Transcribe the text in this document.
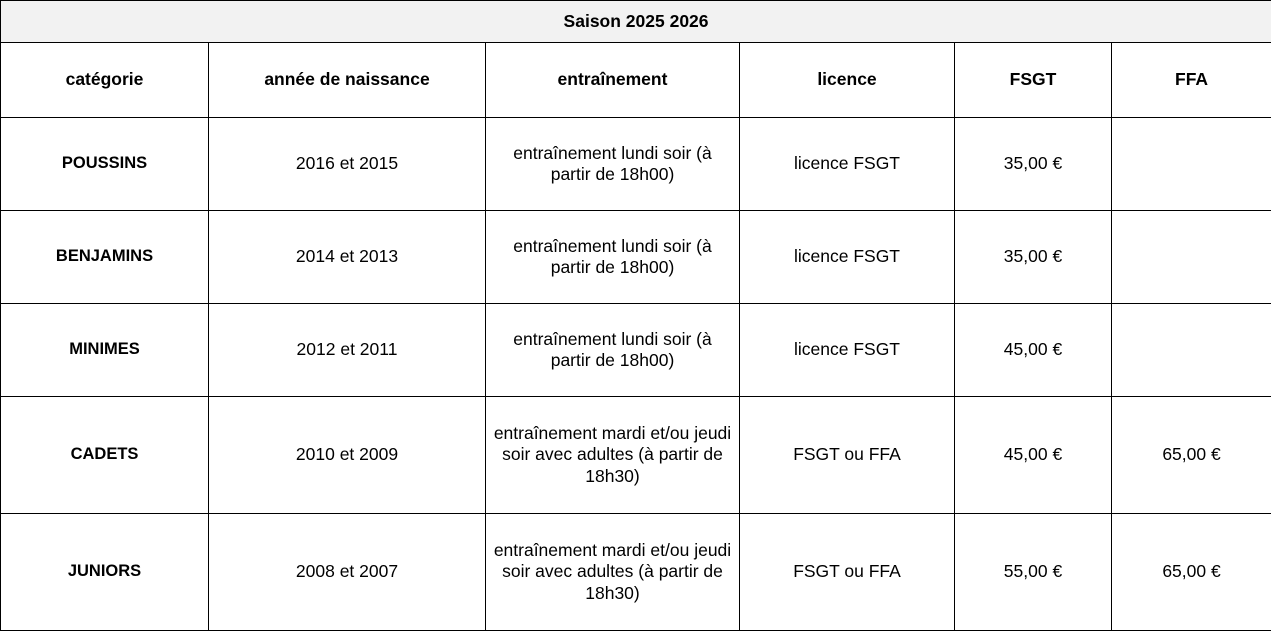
Saison 2025 2026					
catégorie	année de naissance	entraînement	licence	FSGT	FFA
POUSSINS	2016 et 2015	entraînement lundi soir (à
partir de 18h00)	licence FSGT	35,00 €	
BENJAMINS	2014 et 2013	entraînement lundi soir (à
partir de 18h00)	licence FSGT	35,00 €	
MINIMES	2012 et 2011	entraînement lundi soir (à
partir de 18h00)	licence FSGT	45,00 €	
CADETS	2010 et 2009	entraînement mardi et/ou jeudi
soir avec adultes (à partir de
18h30)	FSGT ou FFA	45,00 €	65,00 €
JUNIORS	2008 et 2007	entraînement mardi et/ou jeudi
soir avec adultes (à partir de
18h30)	FSGT ou FFA	55,00 €	65,00 €
